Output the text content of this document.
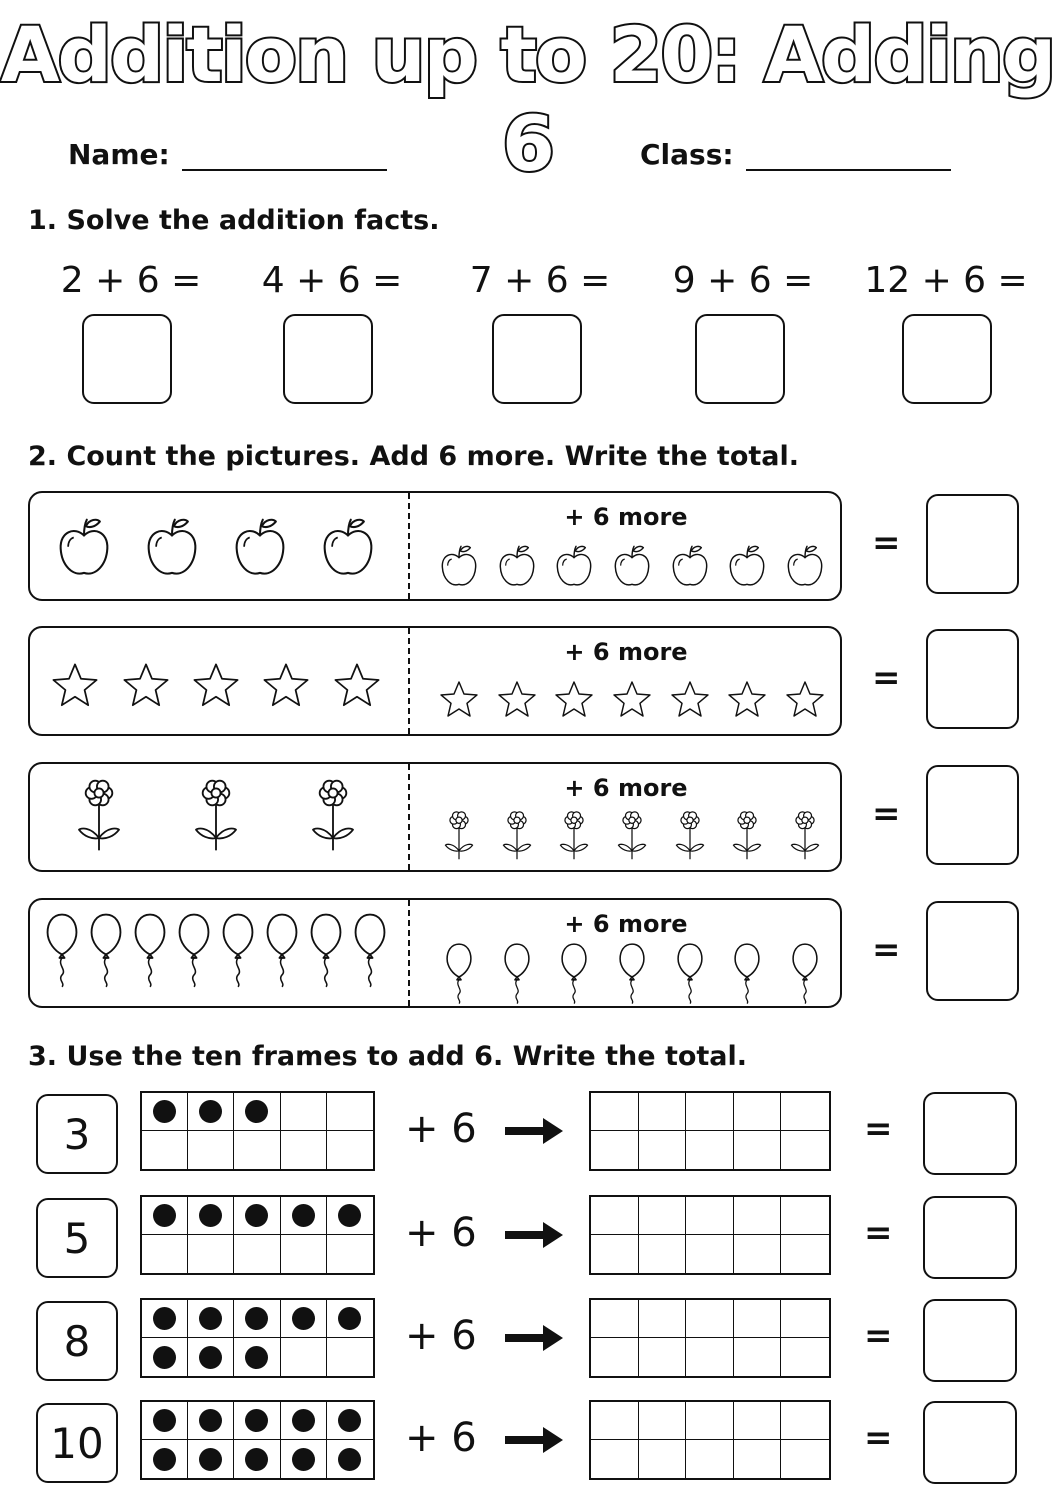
Addition up to 20: Adding 6
Name:	Class:
1. Solve the addition facts.
2 + 6 =	4 + 6 =	7 + 6 =	9 + 6 =	12 + 6 =
2. Count the pictures. Add 6 more. Write the total.
+ 6 more
=
+ 6 more
=
+ 6 more
=
+ 6 more
=
3. Use the ten frames to add 6. Write the total.
3	+ 6	=
5	+ 6	=
8	+ 6	=
10	+ 6	=
